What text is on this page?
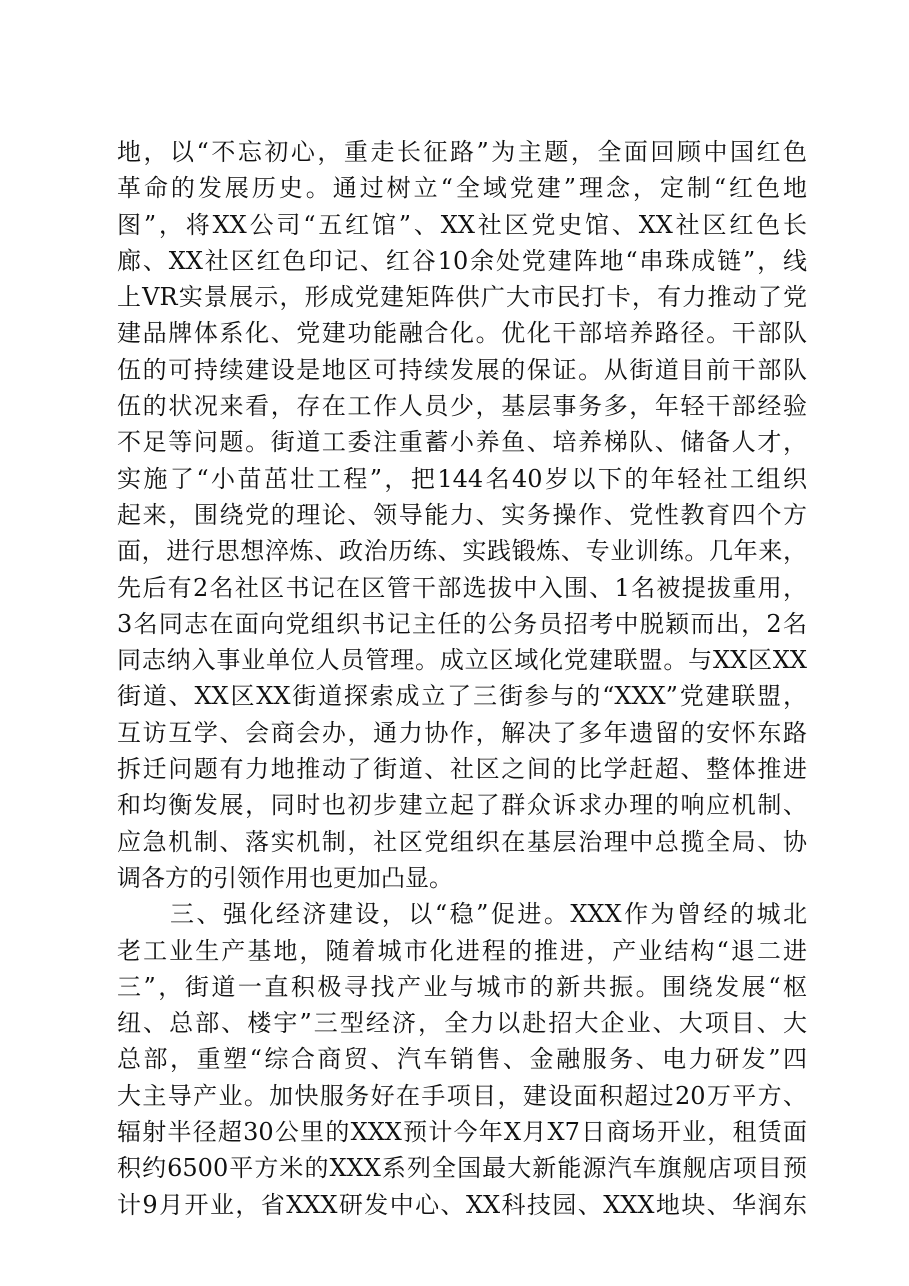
地，以“不忘初心，重走长征路”为主题，全面回顾中国红色
革命的发展历史。通过树立“全域党建”理念，定制“红色地
图”，将XX公司“五红馆”、XX社区党史馆、XX社区红色长
廊、XX社区红色印记、红谷10余处党建阵地“串珠成链”，线
上VR实景展示，形成党建矩阵供广大市民打卡，有力推动了党
建品牌体系化、党建功能融合化。优化干部培养路径。干部队
伍的可持续建设是地区可持续发展的保证。从街道目前干部队
伍的状况来看，存在工作人员少，基层事务多，年轻干部经验
不足等问题。街道工委注重蓄小养鱼、培养梯队、储备人才，
实施了“小苗茁壮工程”，把144名40岁以下的年轻社工组织
起来，围绕党的理论、领导能力、实务操作、党性教育四个方
面，进行思想淬炼、政治历练、实践锻炼、专业训练。几年来，
先后有2名社区书记在区管干部选拔中入围、1名被提拔重用，
3名同志在面向党组织书记主任的公务员招考中脱颖而出，2名
同志纳入事业单位人员管理。成立区域化党建联盟。与XX区XX
街道、XX区XX街道探索成立了三街参与的“XXX”党建联盟，
互访互学、会商会办，通力协作，解决了多年遗留的安怀东路
拆迁问题有力地推动了街道、社区之间的比学赶超、整体推进
和均衡发展，同时也初步建立起了群众诉求办理的响应机制、
应急机制、落实机制，社区党组织在基层治理中总揽全局、协
调各方的引领作用也更加凸显。
　　三、强化经济建设，以“稳”促进。XXX作为曾经的城北
老工业生产基地，随着城市化进程的推进，产业结构“退二进
三”，街道一直积极寻找产业与城市的新共振。围绕发展“枢
纽、总部、楼宇”三型经济，全力以赴招大企业、大项目、大
总部，重塑“综合商贸、汽车销售、金融服务、电力研发”四
大主导产业。加快服务好在手项目，建设面积超过20万平方、
辐射半径超30公里的XXX预计今年X月X7日商场开业，租赁面
积约6500平方米的XXX系列全国最大新能源汽车旗舰店项目预
计9月开业，省XXX研发中心、XX科技园、XXX地块、华润东
